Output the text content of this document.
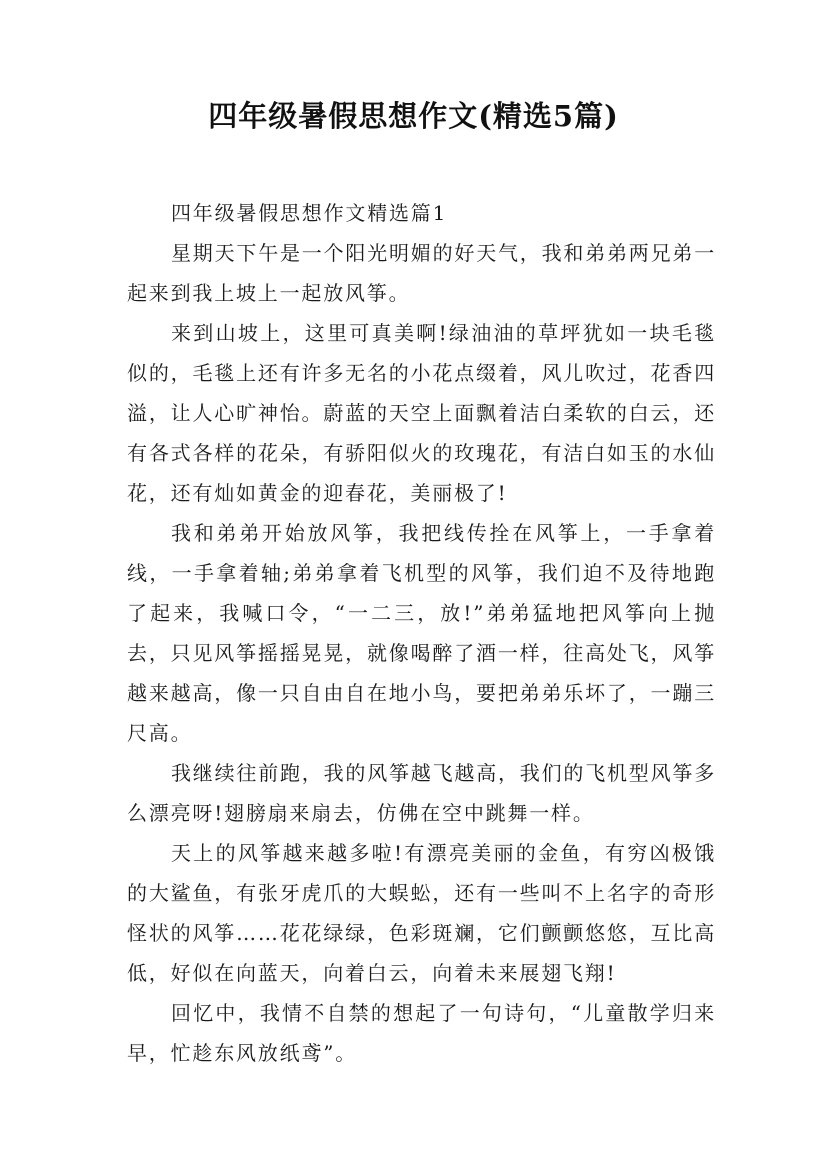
四年级暑假思想作文(精选5篇)

四年级暑假思想作文精选篇1

星期天下午是一个阳光明媚的好天气，我和弟弟两兄弟一起来到我上坡上一起放风筝。

来到山坡上，这里可真美啊!绿油油的草坪犹如一块毛毯似的，毛毯上还有许多无名的小花点缀着，风儿吹过，花香四溢，让人心旷神怡。蔚蓝的天空上面飘着洁白柔软的白云，还有各式各样的花朵，有骄阳似火的玫瑰花，有洁白如玉的水仙花，还有灿如黄金的迎春花，美丽极了!

我和弟弟开始放风筝，我把线传拴在风筝上，一手拿着线，一手拿着轴;弟弟拿着飞机型的风筝，我们迫不及待地跑了起来，我喊口令，“一二三，放!”弟弟猛地把风筝向上抛去，只见风筝摇摇晃晃，就像喝醉了酒一样，往高处飞，风筝越来越高，像一只自由自在地小鸟，要把弟弟乐坏了，一蹦三尺高。

我继续往前跑，我的风筝越飞越高，我们的飞机型风筝多么漂亮呀!翅膀扇来扇去，仿佛在空中跳舞一样。

天上的风筝越来越多啦!有漂亮美丽的金鱼，有穷凶极饿的大鲨鱼，有张牙虎爪的大蜈蚣，还有一些叫不上名字的奇形怪状的风筝……花花绿绿，色彩斑斓，它们颤颤悠悠，互比高低，好似在向蓝天，向着白云，向着未来展翅飞翔!

回忆中，我情不自禁的想起了一句诗句，“儿童散学归来早，忙趁东风放纸鸢”。
